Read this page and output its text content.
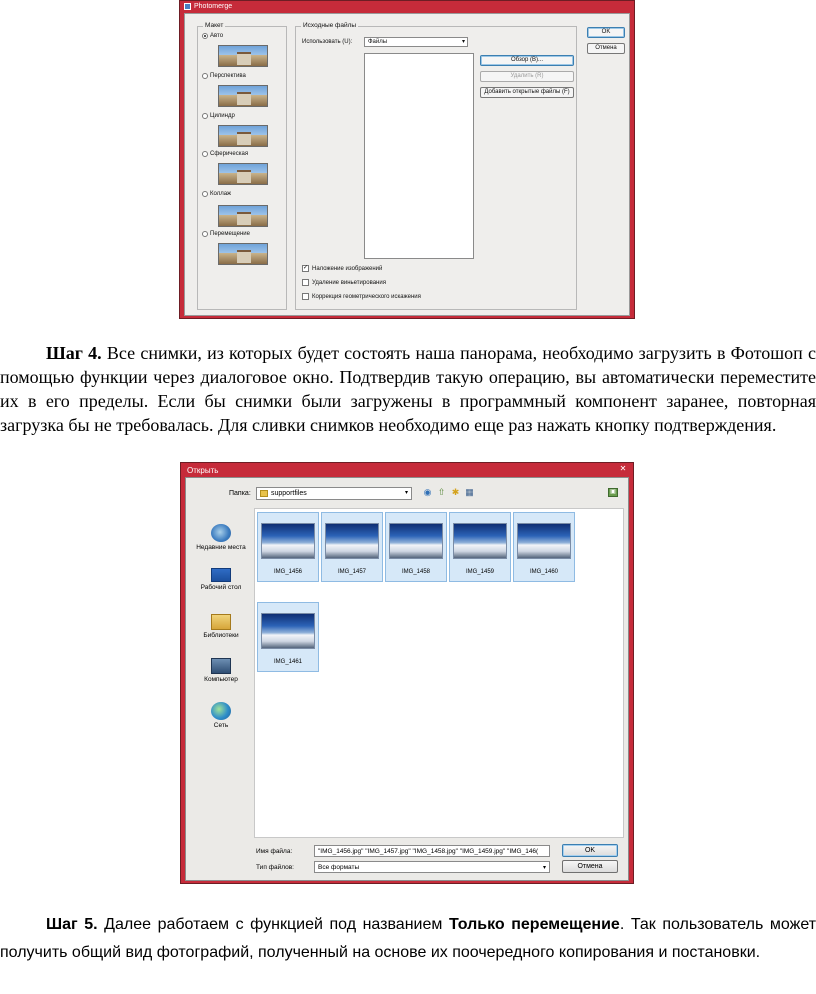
Photomerge
Макет
Авто
Перспектива
Цилиндр
Сферическая
Коллаж
Перемещение
Исходные файлы
Использовать (U):	Файлы	▾
Обзор (B)...
Удалить (R)
Добавить открытые файлы (F)
✓ Наложение изображений
Удаление виньетирования
Коррекция геометрического искажения
OK
Отмена

Шаг 4. Все снимки, из которых будет состоять наша панорама, необходимо загрузить в Фотошоп с помощью функции через диалоговое окно. Подтвердив такую операцию, вы автоматически переместите их в его пределы. Если бы снимки были загружены в программный компонент заранее, повторная загрузка бы не требовалась. Для сливки снимков необходимо еще раз нажать кнопку подтверждения.

Открыть	✕
Папка:	supportfiles	▾ ◉ ⇧ ✱ ▦	▣
Недавние места
Рабочий стол
Библиотеки
Компьютер
Сеть
IMG_1456	IMG_1457	IMG_1458	IMG_1459	IMG_1460
IMG_1461
Имя файла:	"IMG_1456.jpg" "IMG_1457.jpg" "IMG_1458.jpg" "IMG_1459.jpg" "IMG_146(
Тип файлов:	Все форматы	▾
OK
Отмена

Шаг 5. Далее работаем с функцией под названием Только перемещение. Так пользователь может получить общий вид фотографий, полученный на основе их поочередного копирования и постановки.
